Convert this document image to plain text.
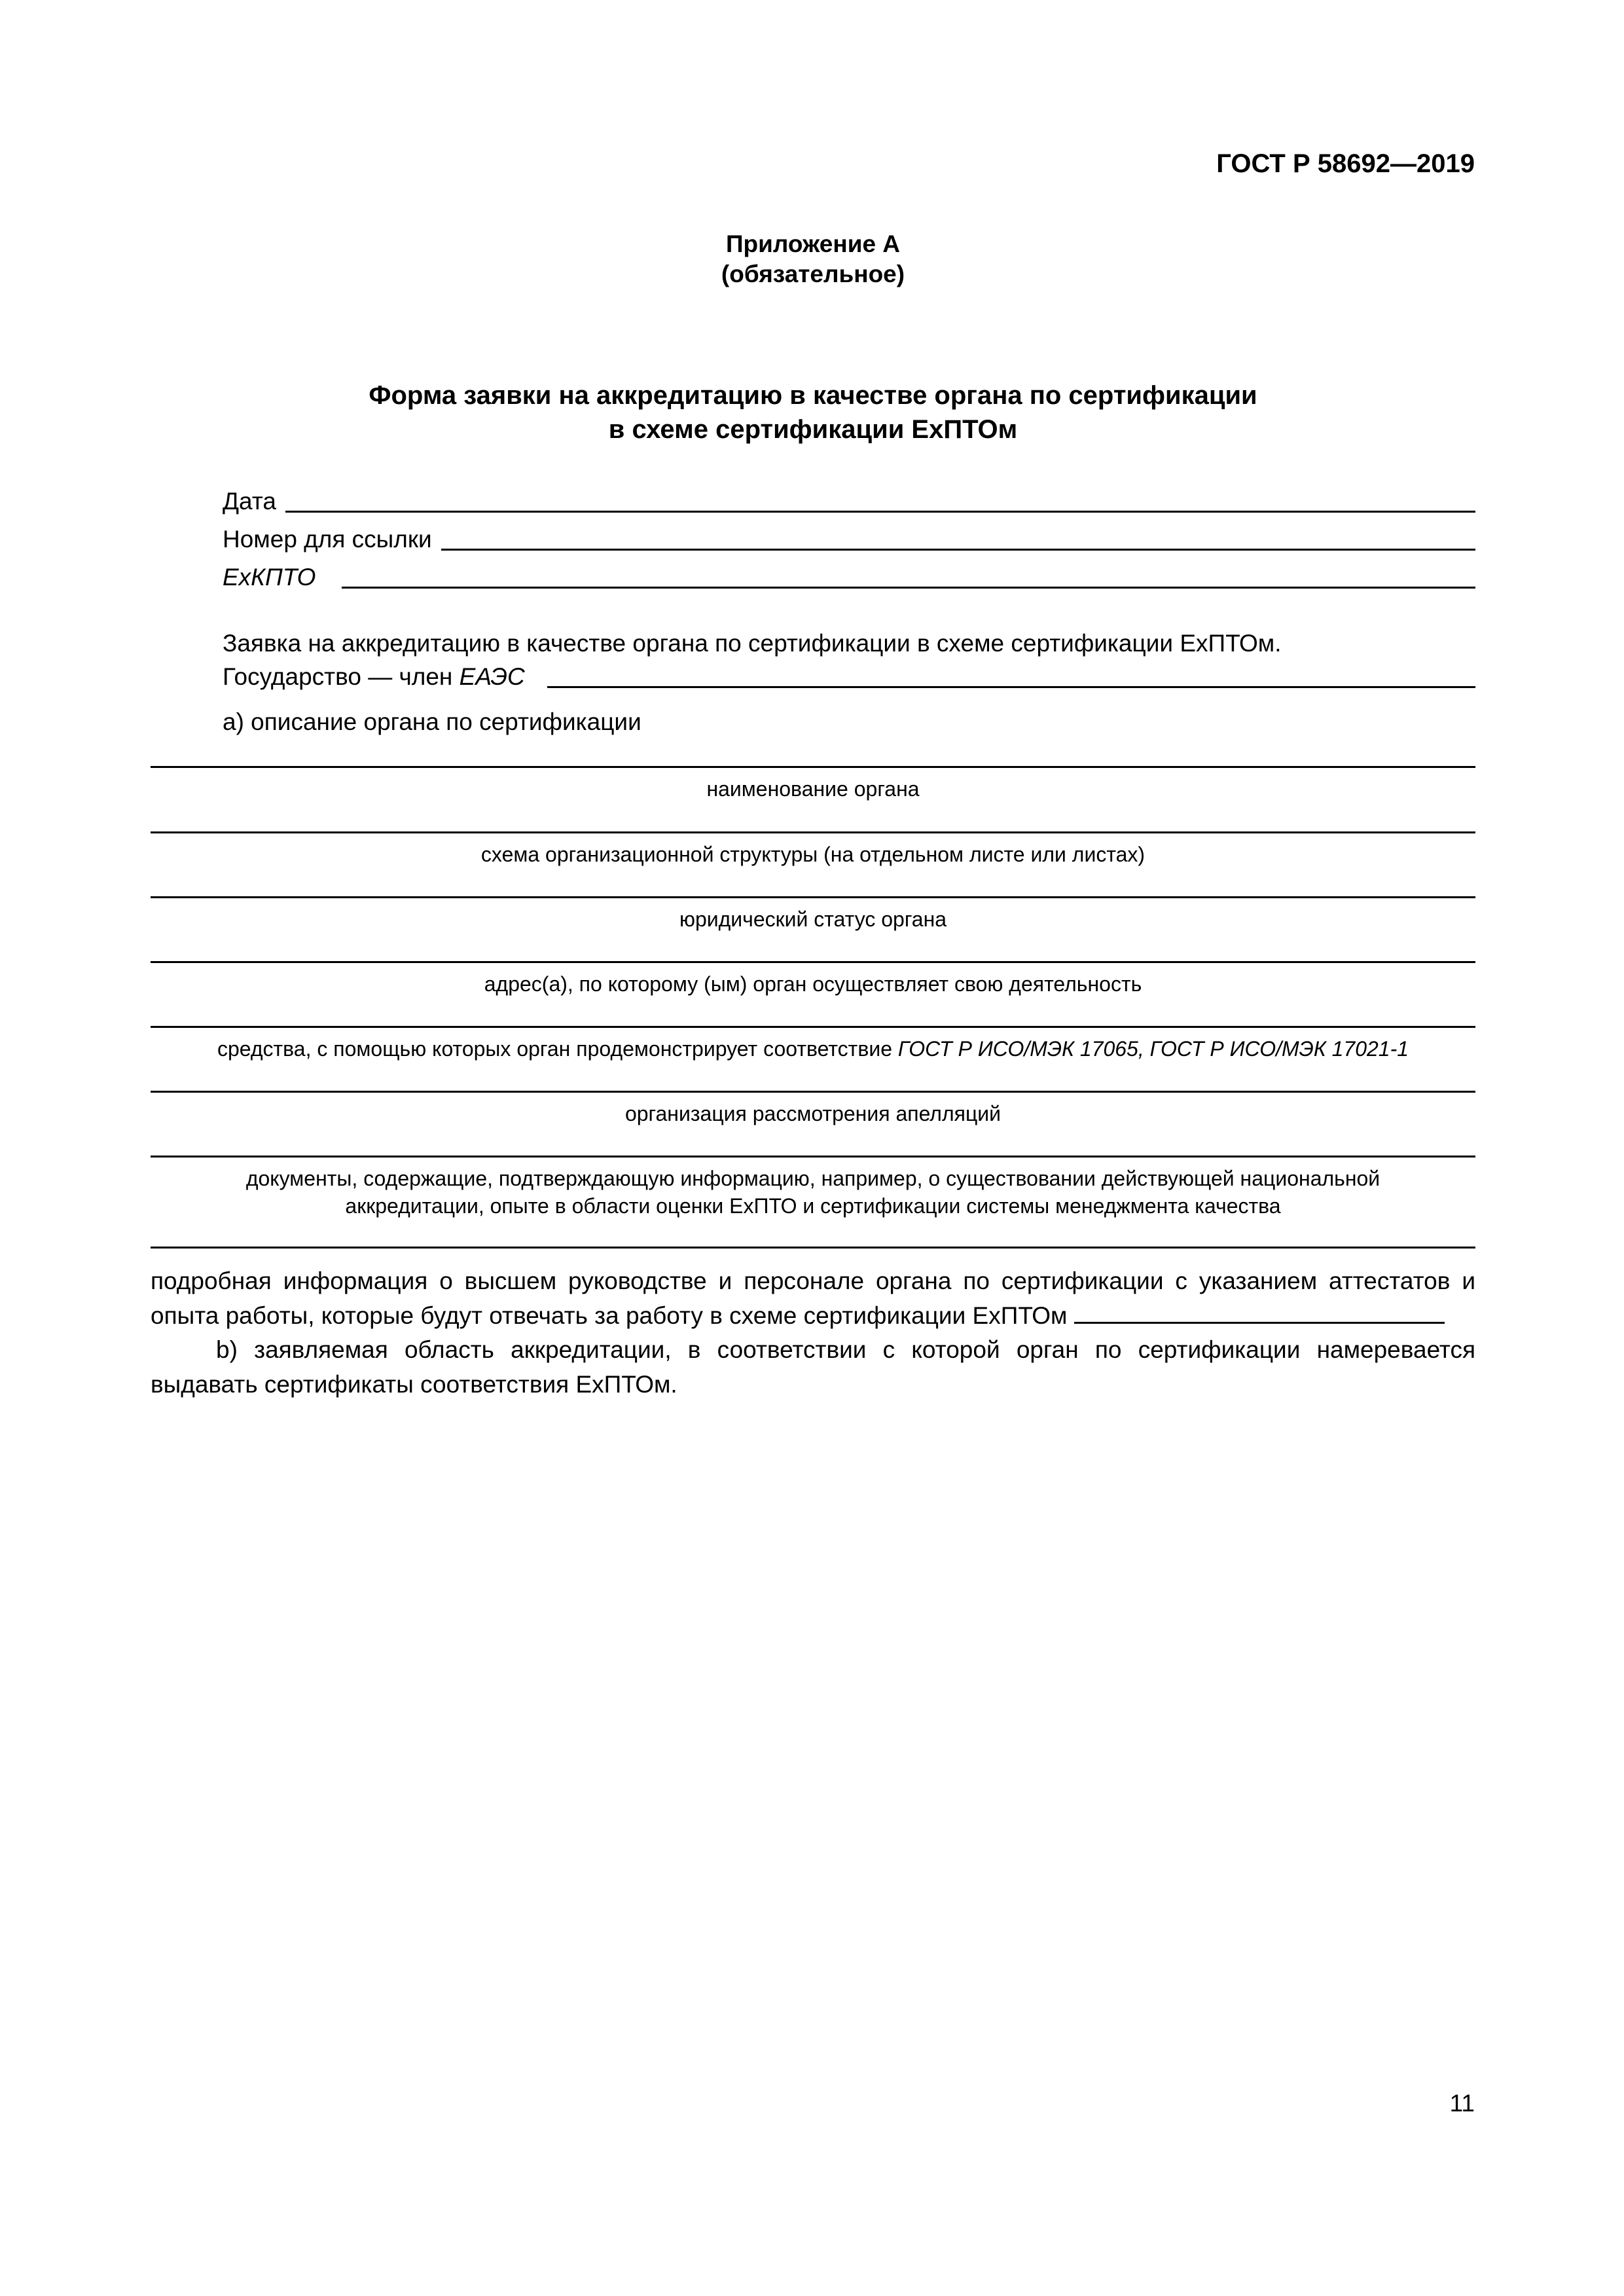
ГОСТ Р 58692—2019
Приложение А
(обязательное)
Форма заявки на аккредитацию в качестве органа по сертификации
в схеме сертификации ЕхПТОм
Дата
Номер для ссылки
ЕхКПТО
Заявка на аккредитацию в качестве органа по сертификации в схеме сертификации ЕхПТОм.
Государство — член ЕАЭС
а) описание органа по сертификации
наименование органа
схема организационной структуры (на отдельном листе или листах)
юридический статус органа
адрес(а), по которому (ым) орган осуществляет свою деятельность
средства, с помощью которых орган продемонстрирует соответствие ГОСТ Р ИСО/МЭК 17065, ГОСТ Р ИСО/МЭК 17021-1
организация рассмотрения апелляций
документы, содержащие, подтверждающую информацию, например, о существовании действующей национальной
аккредитации, опыте в области оценки ЕхПТО и сертификации системы менеджмента качества
подробная информация о высшем руководстве и персонале органа по сертификации с указанием аттестатов и опыта работы, которые будут отвечать за работу в схеме сертификации ЕхПТОм
b) заявляемая область аккредитации, в соответствии с которой орган по сертификации намеревается выдавать сертификаты соответствия ЕхПТОм.
11
